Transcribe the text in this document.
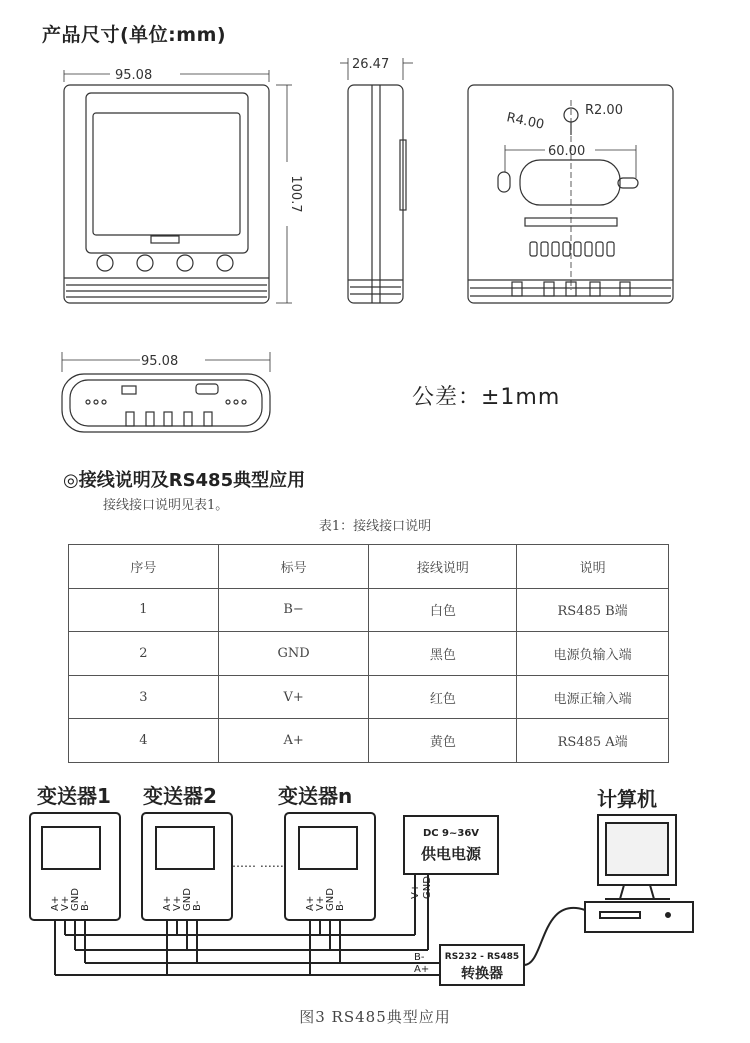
产品尺寸(单位:mm)
95.08
100.7
26.47
R4.00	R2.00
60.00
95.08
公差：±1mm
◎接线说明及RS485典型应用
接线接口说明见表1。
表1：接线接口说明
序号	标号	接线说明	说明
1	B−	白色	RS485 B端
2	GND	黑色	电源负输入端
3	V+	红色	电源正输入端
4	A+	黄色	RS485 A端
变送器1 变送器2	变送器n
…… ……
A+ V+ GND B-	A+ V+ GND B-	A+ V+ GND B-
V+ GND
DC 9~36V
供电电源
RS232 - RS485
转换器
B-
A+
计算机
图3 RS485典型应用
